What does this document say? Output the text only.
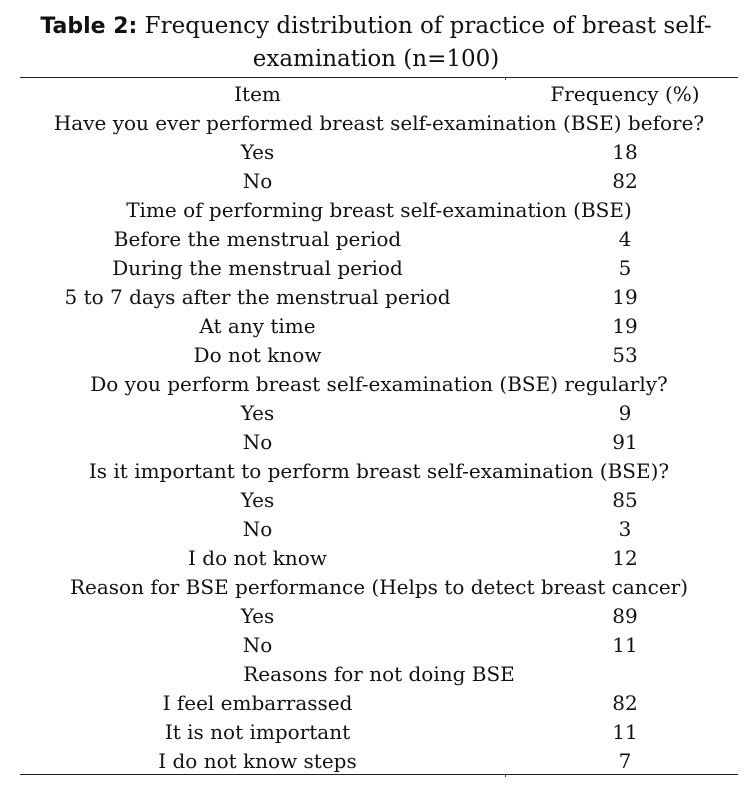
Table 2: Frequency distribution of practice of breast self-
examination (n=100)
Item	Frequency (%)
Have you ever performed breast self-examination (BSE) before?
Yes	18
No	82
Time of performing breast self-examination (BSE)
Before the menstrual period	4
During the menstrual period	5
5 to 7 days after the menstrual period	19
At any time	19
Do not know	53
Do you perform breast self-examination (BSE) regularly?
Yes	9
No	91
Is it important to perform breast self-examination (BSE)?
Yes	85
No	3
I do not know	12
Reason for BSE performance (Helps to detect breast cancer)
Yes	89
No	11
Reasons for not doing BSE
I feel embarrassed	82
It is not important	11
I do not know steps	7
